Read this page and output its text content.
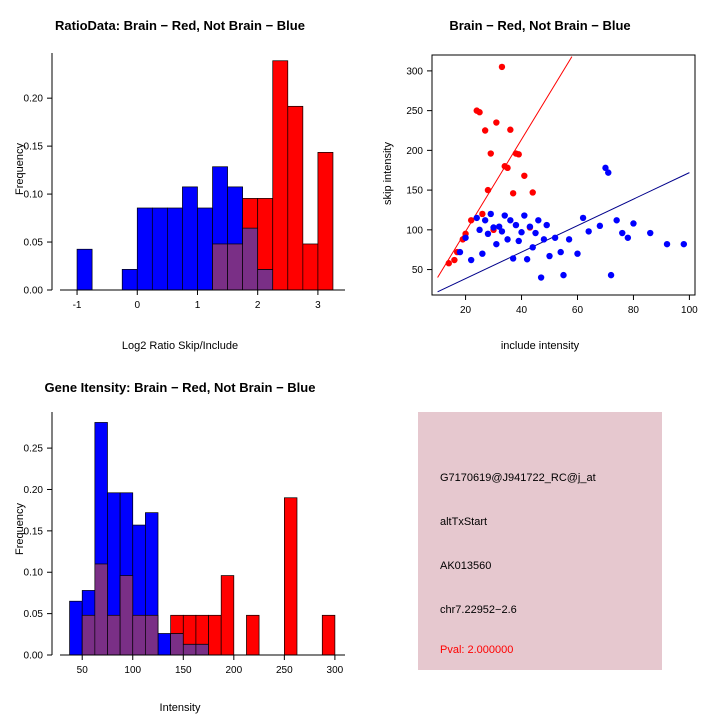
RatioData: Brain − Red, Not Brain − Blue
Frequency
Log2 Ratio Skip/Include
0.00
0.05
0.10
0.15
0.20
-1	0	1	2	3
Brain − Red, Not Brain − Blue
skip intensity
include intensity
50
100
150
200
250
300
20	40	60	80	100
Gene Itensity: Brain − Red, Not Brain − Blue
Frequency
Intensity
0.00
0.05
0.10
0.15
0.20
0.25
50	100	150	200	250	300
G7170619@J941722_RC@j_at
altTxStart
AK013560
chr7.22952−2.6
Pval: 2.000000
